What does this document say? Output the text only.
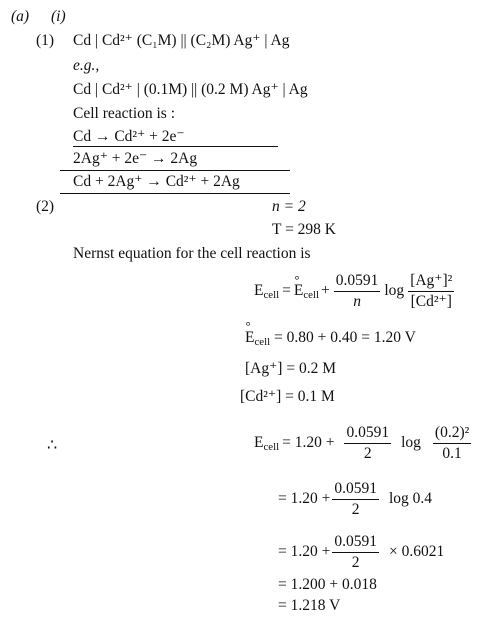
(a) (i)
(1) Cd | Cd²⁺ (C₁M) || (C₂M) Ag⁺ | Ag
e.g.,
Cd | Cd²⁺ | (0.1M) || (0.2 M) Ag⁺ | Ag
Cell reaction is :
Cd → Cd²⁺ + 2e⁻
2Ag⁺ + 2e⁻ → 2Ag
Cd + 2Ag⁺ → Cd²⁺ + 2Ag
(2)	n = 2
T = 298 K
Nernst equation for the cell reaction is
Ecell =
° Ecell + $\frac{0.0591}{n}$ $\log \frac{\text{[Ag⁺]²}}{\text{[Cd²⁺]}}$
° Ecell = 0.80 + 0.40 = 1.20 V
[Ag⁺] = 0.2 M
[Cd²⁺] = 0.1 M
∴	Ecell = $1.20 + \frac{0.0591}{2}$ $\log \frac{\text{(0.2)²}}{0.1}$
= $1.20 + \frac{0.0591}{2}$ log 0.4
= $1.20 + \frac{0.0591}{2} \times 0.6021$
= 1.200 + 0.018
= 1.218 V
